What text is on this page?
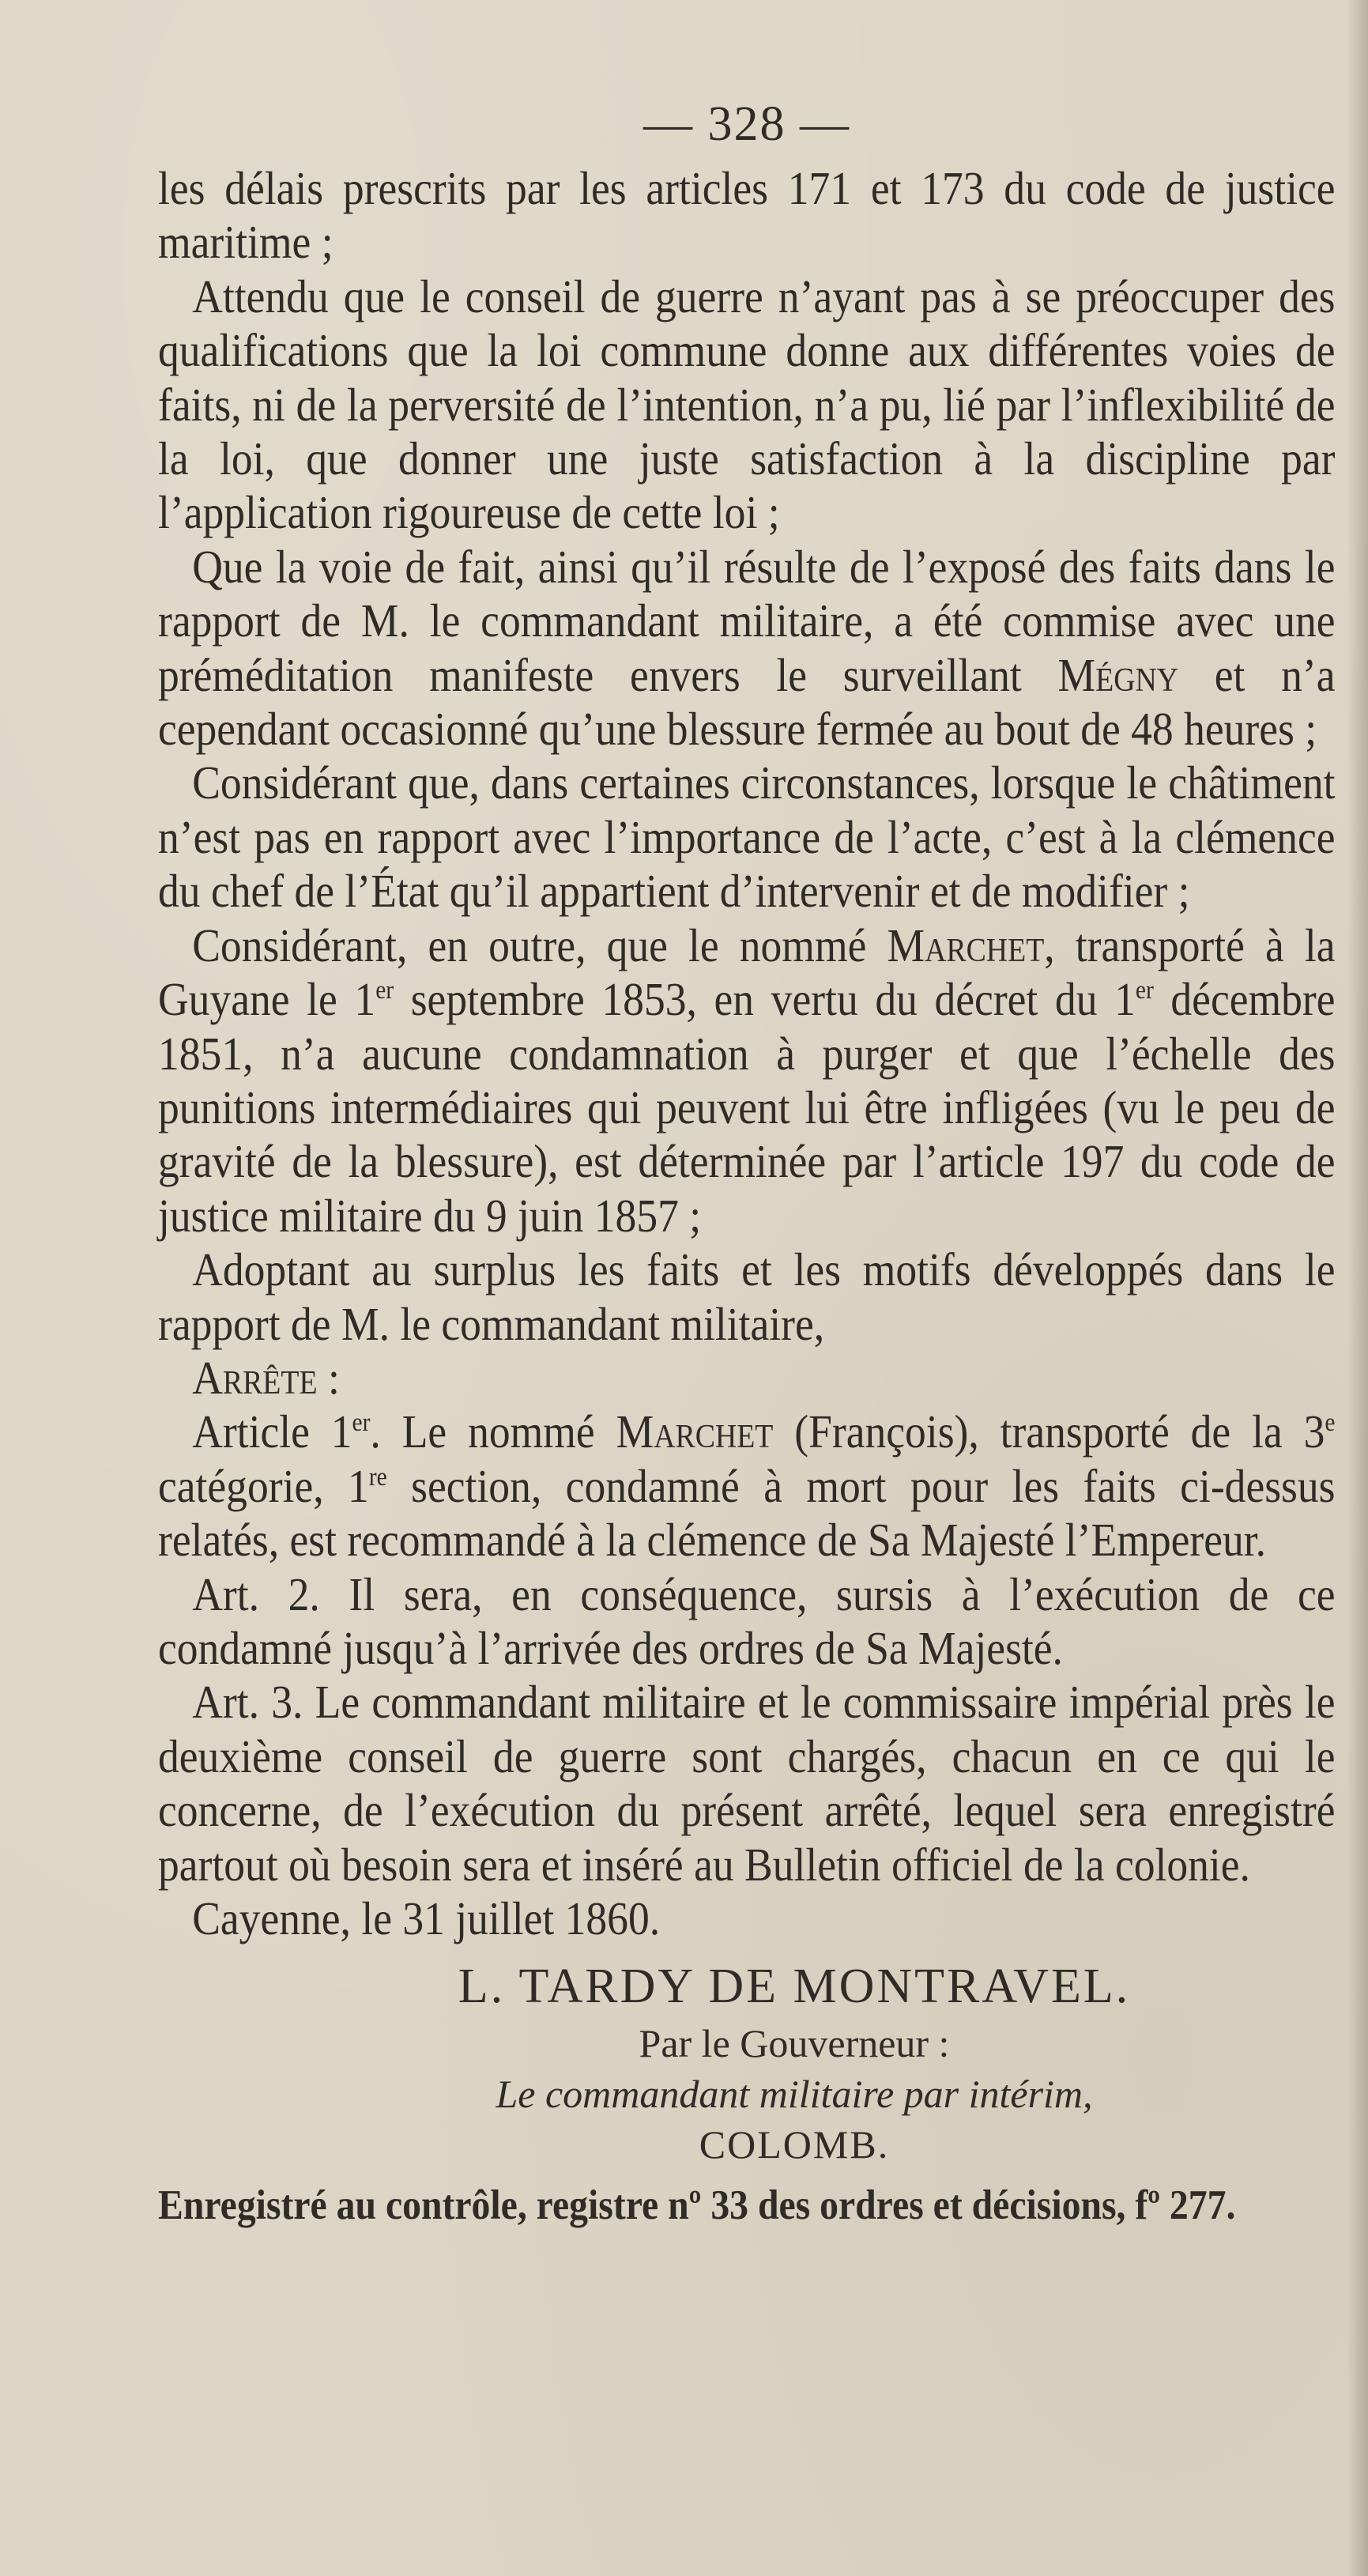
— 328 —

les délais prescrits par les articles 171 et 173 du code de justice maritime ;

Attendu que le conseil de guerre n’ayant pas à se préoccuper des qualifications que la loi commune donne aux différentes voies de faits, ni de la perversité de l’intention, n’a pu, lié par l’inflexibilité de la loi, que donner une juste satisfaction à la discipline par l’application rigoureuse de cette loi ;

Que la voie de fait, ainsi qu’il résulte de l’exposé des faits dans le rapport de M. le commandant militaire, a été commise avec une préméditation manifeste envers le surveillant Mégny et n’a cependant occasionné qu’une blessure fermée au bout de 48 heures ;

Considérant que, dans certaines circonstances, lorsque le châtiment n’est pas en rapport avec l’importance de l’acte, c’est à la clémence du chef de l’État qu’il appartient d’intervenir et de modifier ;

Considérant, en outre, que le nommé Marchet, transporté à la Guyane le 1er septembre 1853, en vertu du décret du 1er décembre 1851, n’a aucune condamnation à purger et que l’échelle des punitions intermédiaires qui peuvent lui être infligées (vu le peu de gravité de la blessure), est déterminée par l’article 197 du code de justice militaire du 9 juin 1857 ;

Adoptant au surplus les faits et les motifs développés dans le rapport de M. le commandant militaire,

Arrête :

Article 1er. Le nommé Marchet (François), transporté de la 3e catégorie, 1re section, condamné à mort pour les faits ci-dessus relatés, est recommandé à la clémence de Sa Majesté l’Empereur.

Art. 2. Il sera, en conséquence, sursis à l’exécution de ce condamné jusqu’à l’arrivée des ordres de Sa Majesté.

Art. 3. Le commandant militaire et le commissaire impérial près le deuxième conseil de guerre sont chargés, chacun en ce qui le concerne, de l’exécution du présent arrêté, lequel sera enregistré partout où besoin sera et inséré au Bulletin officiel de la colonie.

Cayenne, le 31 juillet 1860.

L. TARDY DE MONTRAVEL.
Par le Gouverneur :
Le commandant militaire par intérim,
COLOMB.
Enregistré au contrôle, registre nº 33 des ordres et décisions, fº 277.
